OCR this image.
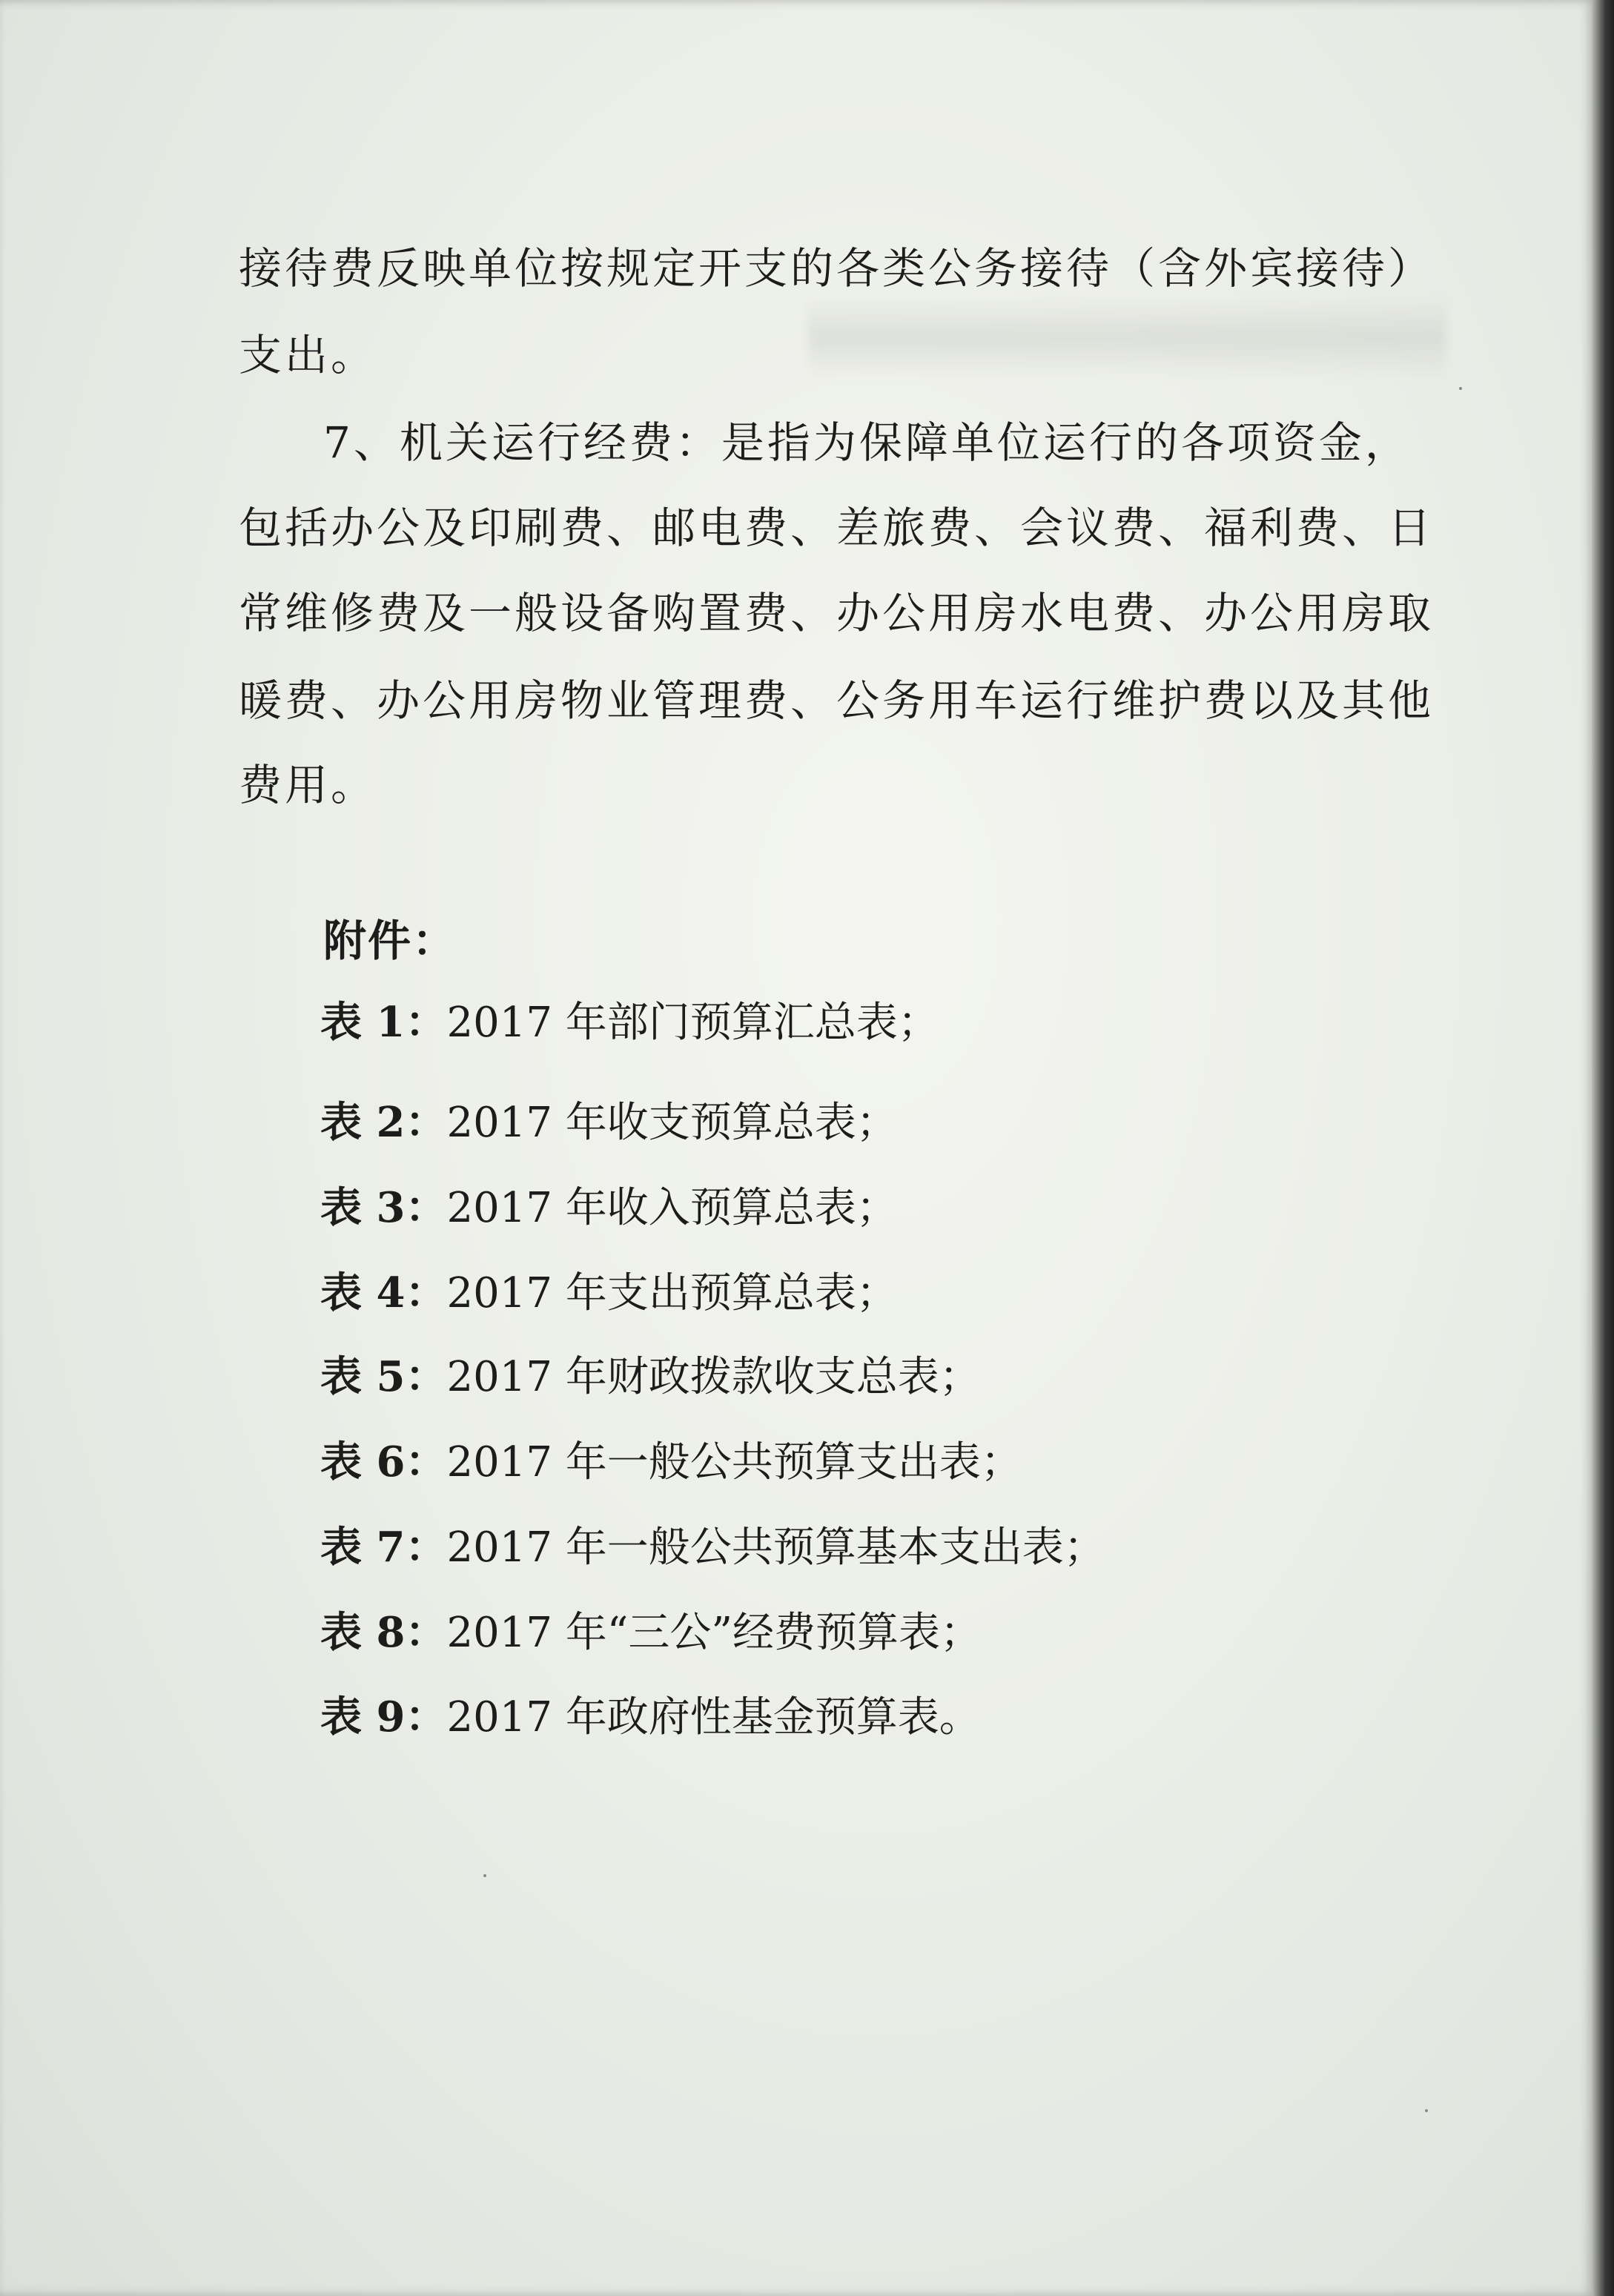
接待费反映单位按规定开支的各类公务接待（含外宾接待）

支出。

7、机关运行经费：是指为保障单位运行的各项资金，

包括办公及印刷费、邮电费、差旅费、会议费、福利费、日

常维修费及一般设备购置费、办公用房水电费、办公用房取

暖费、办公用房物业管理费、公务用车运行维护费以及其他

费用。

附件：

表 1：2017 年部门预算汇总表；
表 2：2017 年收支预算总表；
表 3：2017 年收入预算总表；
表 4：2017 年支出预算总表；
表 5：2017 年财政拨款收支总表；
表 6：2017 年一般公共预算支出表；
表 7：2017 年一般公共预算基本支出表；
表 8：2017 年“三公”经费预算表；
表 9：2017 年政府性基金预算表。
